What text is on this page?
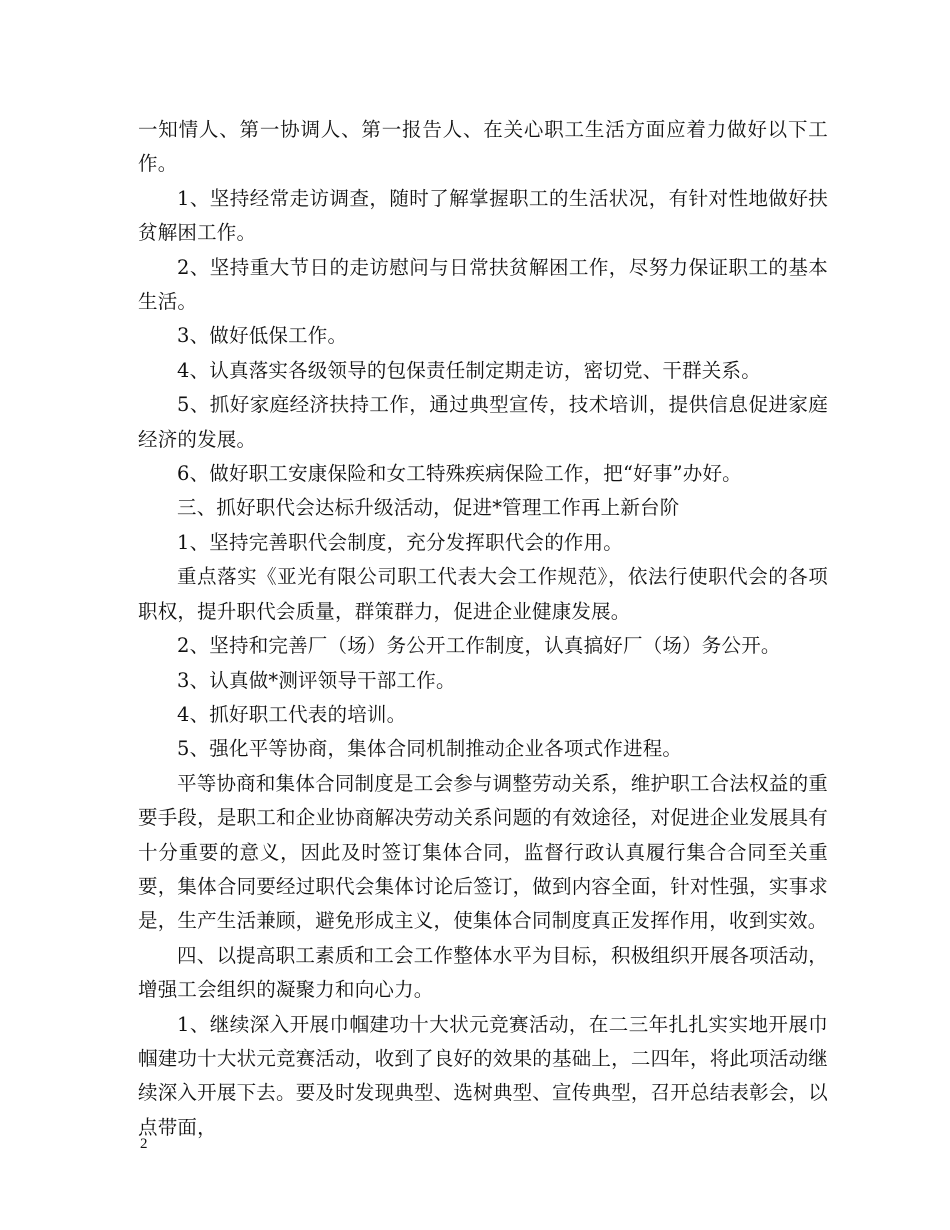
一知情人、第一协调人、第一报告人、在关心职工生活方面应着力做好以下工作。

1、坚持经常走访调查，随时了解掌握职工的生活状况，有针对性地做好扶贫解困工作。

2、坚持重大节日的走访慰问与日常扶贫解困工作，尽努力保证职工的基本生活。

3、做好低保工作。

4、认真落实各级领导的包保责任制定期走访，密切党、干群关系。

5、抓好家庭经济扶持工作，通过典型宣传，技术培训，提供信息促进家庭经济的发展。

6、做好职工安康保险和女工特殊疾病保险工作，把“好事”办好。

三、抓好职代会达标升级活动，促进*管理工作再上新台阶

1、坚持完善职代会制度，充分发挥职代会的作用。

重点落实《亚光有限公司职工代表大会工作规范》，依法行使职代会的各项职权，提升职代会质量，群策群力，促进企业健康发展。

2、坚持和完善厂（场）务公开工作制度，认真搞好厂（场）务公开。

3、认真做*测评领导干部工作。

4、抓好职工代表的培训。

5、强化平等协商，集体合同机制推动企业各项式作进程。

平等协商和集体合同制度是工会参与调整劳动关系，维护职工合法权益的重要手段，是职工和企业协商解决劳动关系问题的有效途径，对促进企业发展具有十分重要的意义，因此及时签订集体合同，监督行政认真履行集合合同至关重要，集体合同要经过职代会集体讨论后签订，做到内容全面，针对性强，实事求是，生产生活兼顾，避免形成主义，使集体合同制度真正发挥作用，收到实效。

四、以提高职工素质和工会工作整体水平为目标，积极组织开展各项活动，增强工会组织的凝聚力和向心力。

1、继续深入开展巾帼建功十大状元竞赛活动，在二三年扎扎实实地开展巾帼建功十大状元竞赛活动，收到了良好的效果的基础上，二四年，将此项活动继续深入开展下去。要及时发现典型、选树典型、宣传典型，召开总结表彰会，以点带面，

2
